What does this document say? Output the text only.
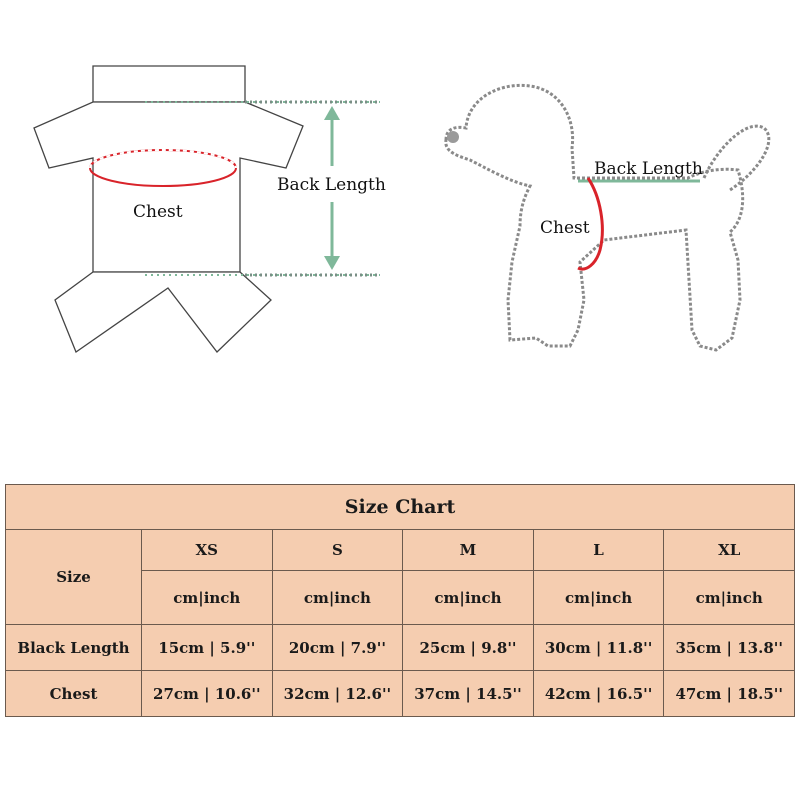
Chest
Back Length
Back Length
Chest
Size Chart					
Size	XS	S	M	L	XL
	cm|inch	cm|inch	cm|inch	cm|inch	cm|inch
Black Length	15cm | 5.9''	20cm | 7.9''	25cm | 9.8''	30cm | 11.8''	35cm | 13.8''
Chest	27cm | 10.6''	32cm | 12.6''	37cm | 14.5''	42cm | 16.5''	47cm | 18.5''
